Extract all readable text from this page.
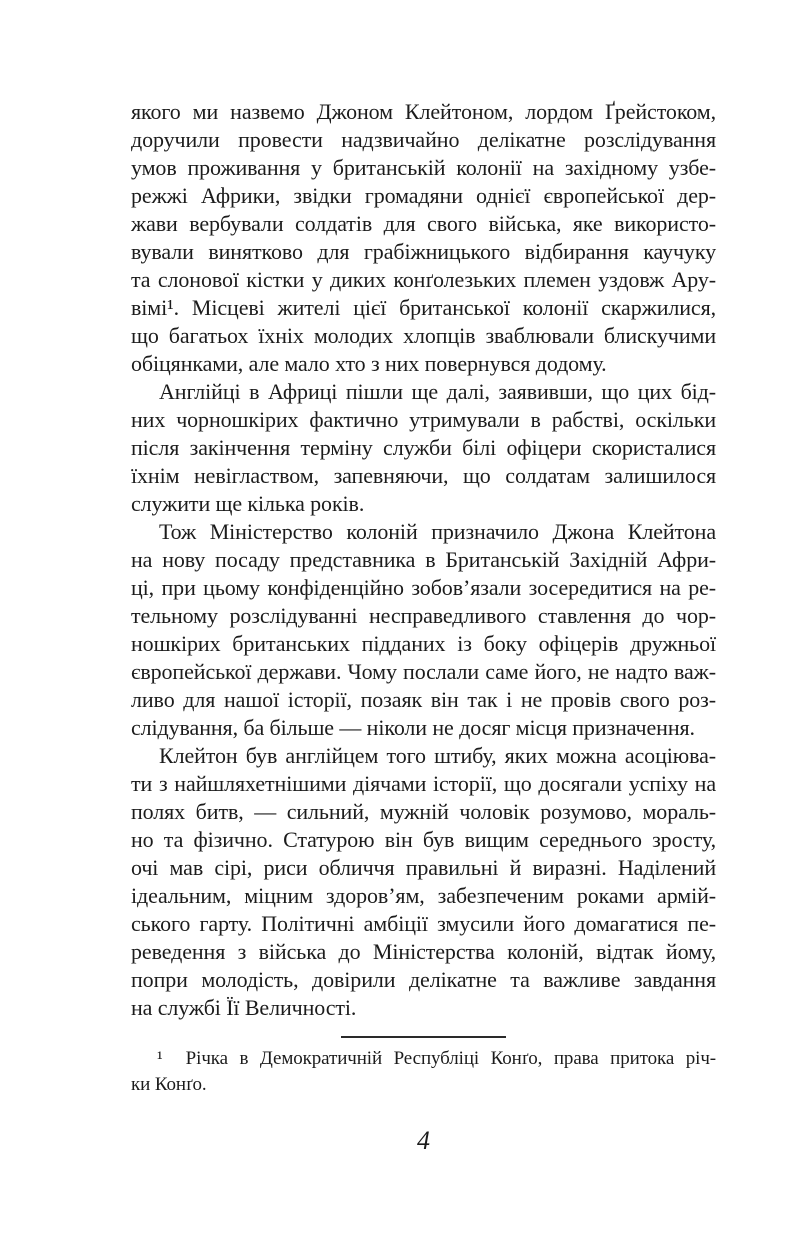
якого ми назвемо Джоном Клейтоном, лордом Ґрейстоком,
доручили провести надзвичайно делікатне розслідування
умов проживання у британській колонії на західному узбе-
режжі Африки, звідки громадяни однієї європейської дер-
жави вербували солдатів для свого війська, яке використо-
вували винятково для грабіжницького відбирання каучуку
та слонової кістки у диких конґолезьких племен уздовж Ару-
вімі¹. Місцеві жителі цієї британської колонії скаржилися,
що багатьох їхніх молодих хлопців зваблювали блискучими
обіцянками, але мало хто з них повернувся додому.
Англійці в Африці пішли ще далі, заявивши, що цих бід-
них чорношкірих фактично утримували в рабстві, оскільки
після закінчення терміну служби білі офіцери скористалися
їхнім невіглаством, запевняючи, що солдатам залишилося
служити ще кілька років.
Тож Міністерство колоній призначило Джона Клейтона
на нову посаду представника в Британській Західній Афри-
ці, при цьому конфіденційно зобов’язали зосередитися на ре-
тельному розслідуванні несправедливого ставлення до чор-
ношкірих британських підданих із боку офіцерів дружньої
європейської держави. Чому послали саме його, не надто важ-
ливо для нашої історії, позаяк він так і не провів свого роз-
слідування, ба більше — ніколи не досяг місця призначення.
Клейтон був англійцем того штибу, яких можна асоціюва-
ти з найшляхетнішими діячами історії, що досягали успіху на
полях битв, — сильний, мужній чоловік розумово, мораль-
но та фізично. Статурою він був вищим середнього зросту,
очі мав сірі, риси обличчя правильні й виразні. Наділений
ідеальним, міцним здоров’ям, забезпеченим роками армій-
ського гарту. Політичні амбіції змусили його домагатися пе-
реведення з війська до Міністерства колоній, відтак йому,
попри молодість, довірили делікатне та важливе завдання
на службі Її Величності.
¹  Річка в Демократичній Республіці Конґо, права притока річ-
ки Конґо.
4
